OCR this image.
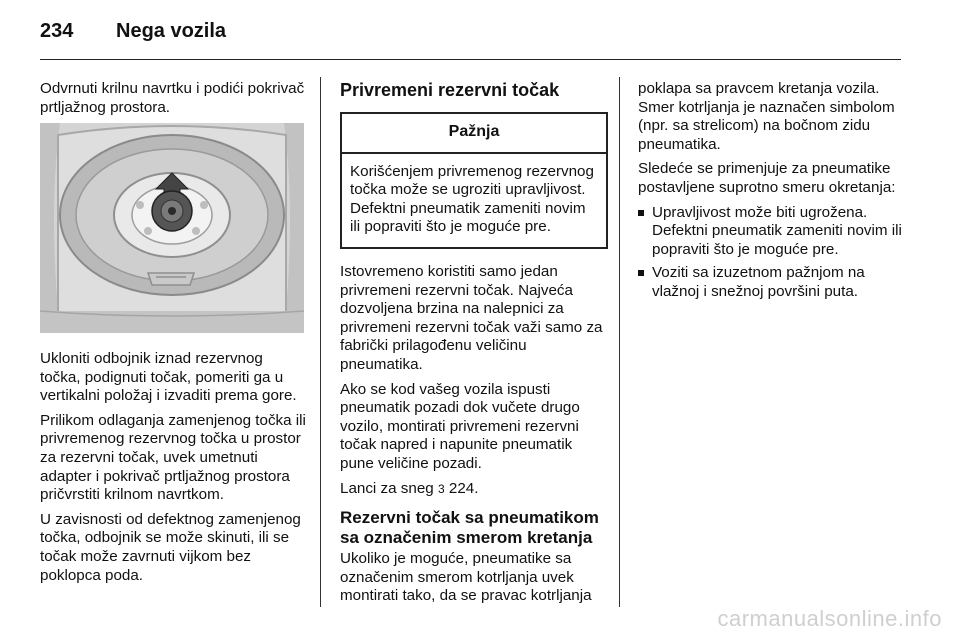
234 Nega vozila

Odvrnuti krilnu navrtku i podići pokrivač prtljažnog prostora.

Ukloniti odbojnik iznad rezervnog točka, podignuti točak, pomeriti ga u vertikalni položaj i izvaditi prema gore.

Prilikom odlaganja zamenjenog točka ili privremenog rezervnog točka u prostor za rezervni točak, uvek umetnuti adapter i pokrivač prtljažnog prostora pričvrstiti krilnom navrtkom.

U zavisnosti od defektnog zamenjenog točka, odbojnik se može skinuti, ili se točak može zavrnuti vijkom bez poklopca poda.

Privremeni rezervni točak
Pažnja
Korišćenjem privremenog rezervnog točka može se ugroziti upravljivost. Defektni pneumatik zameniti novim ili popraviti što je moguće pre.

Istovremeno koristiti samo jedan privremeni rezervni točak. Najveća dozvoljena brzina na nalepnici za privremeni rezervni točak važi samo za fabrički prilagođenu veličinu pneumatika.

Ako se kod vašeg vozila ispusti pneumatik pozadi dok vučete drugo vozilo, montirati privremeni rezervni točak napred i napunite pneumatik pune veličine pozadi.

Lanci za sneg 3 224.

Rezervni točak sa pneumatikom sa označenim smerom kretanja

Ukoliko je moguće, pneumatike sa označenim smerom kotrljanja uvek montirati tako, da se pravac kotrljanja

poklapa sa pravcem kretanja vozila. Smer kotrljanja je naznačen simbolom (npr. sa strelicom) na bočnom zidu pneumatika.

Sledeće se primenjuje za pneumatike postavljene suprotno smeru okretanja:

Upravljivost može biti ugrožena. Defektni pneumatik zameniti novim ili popraviti što je moguće pre.
Voziti sa izuzetnom pažnjom na vlažnoj i snežnoj površini puta.
carmanualsonline.info
